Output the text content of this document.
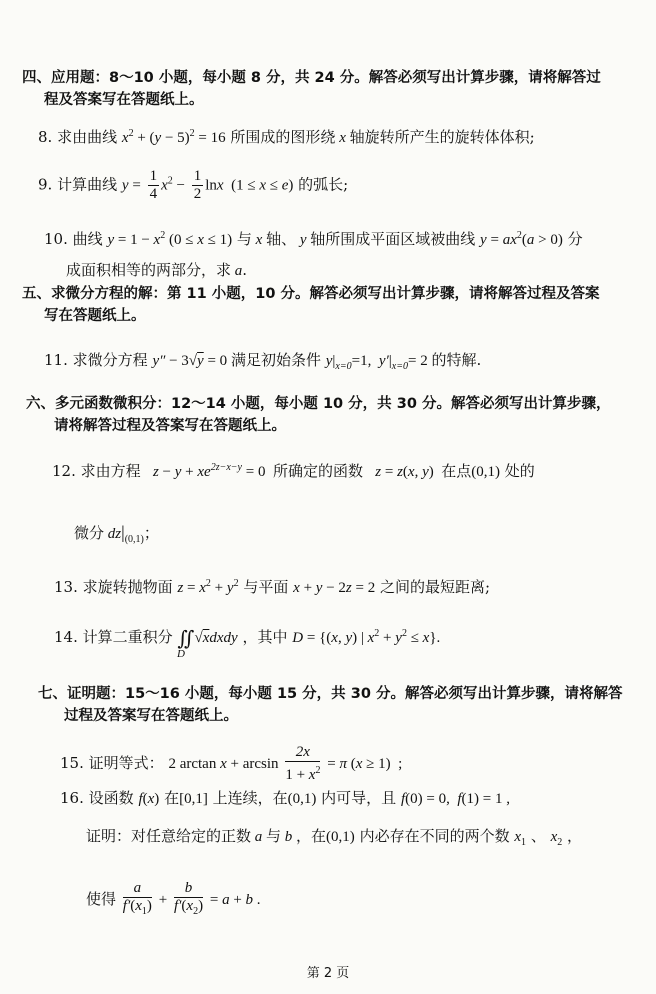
四、应用题：8～10 小题，每小题 8 分，共 24 分。解答必须写出计算步骤，请将解答过
程及答案写在答题纸上。
8. 求由曲线 $x^2 + (y - 5)^2 = 16$ 所围成的图形绕 x 轴旋转所产生的旋转体体积;
9. 计算曲线 $y = \frac{1}{4} x^2 - \frac{1}{2}$ lnx  (1 ≤ x ≤ e) 的弧长;
10. 曲线 $y = 1 - x^2$ (0 ≤ x ≤ 1) 与 x 轴、 y 轴所围成平面区域被曲线 $y = ax^2(a > 0)$ 分
成面积相等的两部分，求 a.
五、求微分方程的解：第 11 小题，10 分。解答必须写出计算步骤，请将解答过程及答案
写在答题纸上。
11. 求微分方程 y″ − 3√y = 0 满足初始条件 $y|_{x=0}=1$,  $y'|_{x=0}= 2$ 的特解.
六、多元函数微积分：12～14 小题，每小题 10 分，共 30 分。解答必须写出计算步骤，
请将解答过程及答案写在答题纸上。
12. 求由方程   $z - y + xe^{2z-x-y} = 0$  所确定的函数   z = z(x, y)  在点(0,1) 处的
微分 $dz|_{(0,1)}$；
13. 求旋转抛物面 $z = x^2 + y^2$ 与平面 x + y − 2z = 2 之间的最短距离;
14. 计算二重积分 ∬√xdxdy ，其中 D = {(x, y) | $x^2 + y^2 \le x$}.
D
七、证明题：15～16 小题，每小题 15 分，共 30 分。解答必须写出计算步骤，请将解答
过程及答案写在答题纸上。
15. 证明等式： 2 $\arctan x + \arcsin \frac{2x}{1 + x^2} = \pi$ (x ≥ 1)  ;
16. 设函数 f(x) 在[0,1] 上连续，在(0,1) 内可导，且 f(0) = 0,  f(1) = 1 ,
证明：对任意给定的正数 a 与 b ，在(0,1) 内必存在不同的两个数 $x_1$ 、 $x_2$ ，
使得 $\frac{a}{f'(x_1)} + \frac{b}{f'(x_2)} = a + b$ .
第 2 页
